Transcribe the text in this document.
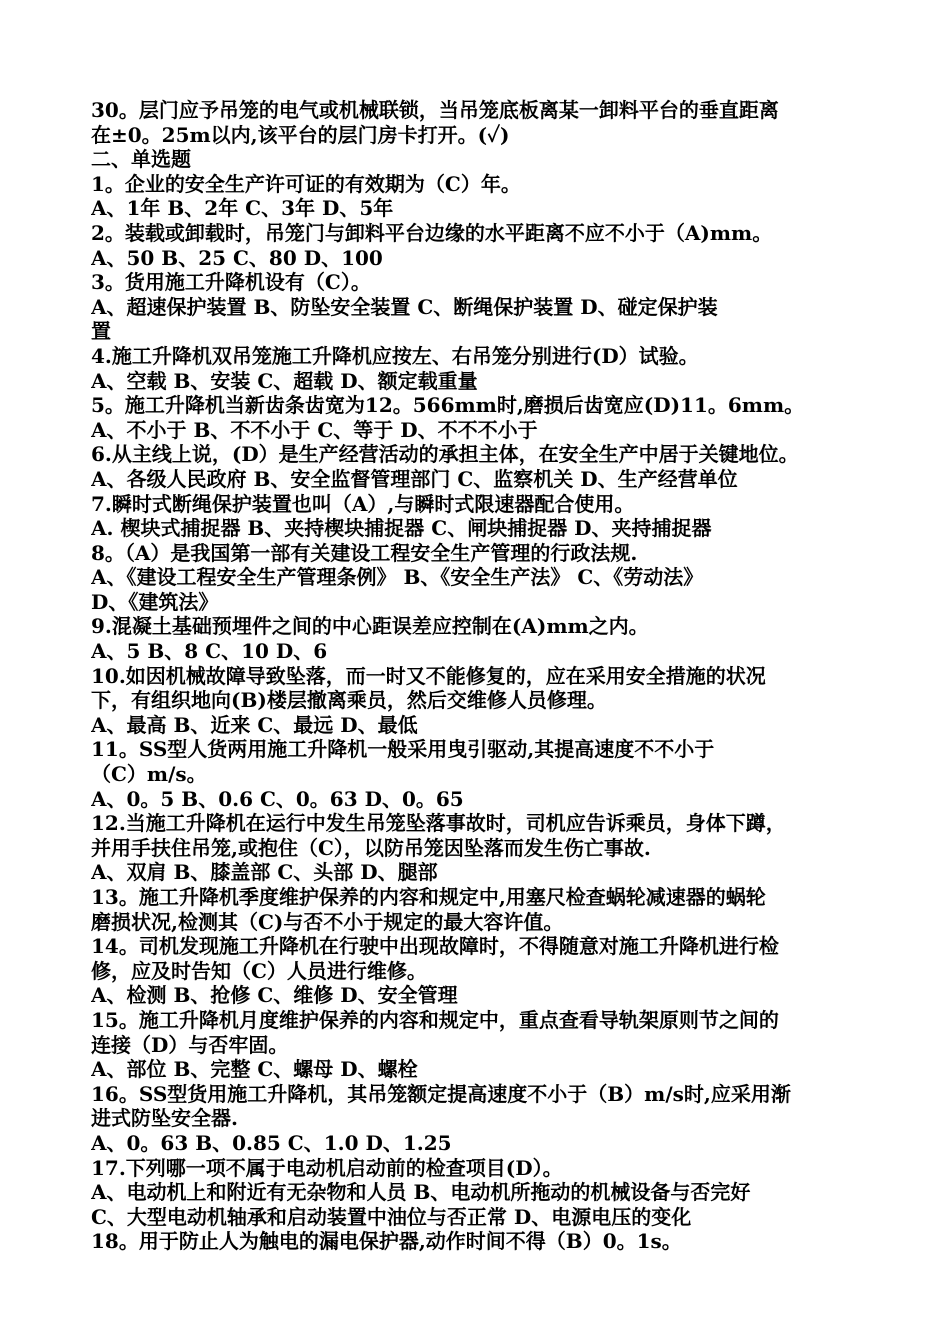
30。层门应予吊笼的电气或机械联锁，当吊笼底板离某一卸料平台的垂直距离
在±0。25m以内,该平台的层门房卡打开。(✓)
二、单选题
1。企业的安全生产许可证的有效期为（C）年。
A、1年 B、2年 C、3年 D、5年
2。装载或卸载时，吊笼门与卸料平台边缘的水平距离不应不小于（A)mm。
A、50 B、25 C、80 D、100
3。货用施工升降机设有（C）。
A、超速保护装置 B、防坠安全装置 C、断绳保护装置 D、碰定保护装
置
4.施工升降机双吊笼施工升降机应按左、右吊笼分别进行(D）试验。
A、空载 B、安装 C、超载 D、额定载重量
5。施工升降机当新齿条齿宽为12。566mm时,磨损后齿宽应(D)11。6mm。
A、不小于 B、不不小于 C、等于 D、不不不小于
6.从主线上说，(D）是生产经营活动的承担主体，在安全生产中居于关键地位。
A、各级人民政府 B、安全监督管理部门 C、监察机关 D、生产经营单位
7.瞬时式断绳保护装置也叫（A）,与瞬时式限速器配合使用。
A. 楔块式捕捉器 B、夹持楔块捕捉器 C、闸块捕捉器 D、夹持捕捉器
8。（A）是我国第一部有关建设工程安全生产管理的行政法规.
A、《建设工程安全生产管理条例》 B、《安全生产法》 C、《劳动法》
D、《建筑法》
9.混凝土基础预埋件之间的中心距误差应控制在(A)mm之内。
A、5 B、8 C、10 D、6
10.如因机械故障导致坠落，而一时又不能修复的，应在采用安全措施的状况
下，有组织地向(B)楼层撤离乘员，然后交维修人员修理。
A、最高 B、近来 C、最远 D、最低
11。SS型人货两用施工升降机一般采用曳引驱动,其提高速度不不小于
（C）m/s。
A、0。5 B、0.6 C、0。63 D、0。65
12.当施工升降机在运行中发生吊笼坠落事故时，司机应告诉乘员，身体下蹲，
并用手扶住吊笼,或抱住（C），以防吊笼因坠落而发生伤亡事故.
A、双肩 B、膝盖部 C、头部 D、腿部
13。施工升降机季度维护保养的内容和规定中,用塞尺检查蜗轮减速器的蜗轮
磨损状况,检测其（C)与否不小于规定的最大容许值。
14。司机发现施工升降机在行驶中出现故障时，不得随意对施工升降机进行检
修，应及时告知（C）人员进行维修。
A、检测 B、抢修 C、维修 D、安全管理
15。施工升降机月度维护保养的内容和规定中，重点查看导轨架原则节之间的
连接（D）与否牢固。
A、部位 B、完整 C、螺母 D、螺栓
16。SS型货用施工升降机，其吊笼额定提高速度不小于（B）m/s时,应采用渐
进式防坠安全器.
A、0。63 B、0.85 C、1.0 D、1.25
17.下列哪一项不属于电动机启动前的检查项目(D）。
A、电动机上和附近有无杂物和人员 B、电动机所拖动的机械设备与否完好
C、大型电动机轴承和启动装置中油位与否正常 D、电源电压的变化
18。用于防止人为触电的漏电保护器,动作时间不得（B）0。1s。
